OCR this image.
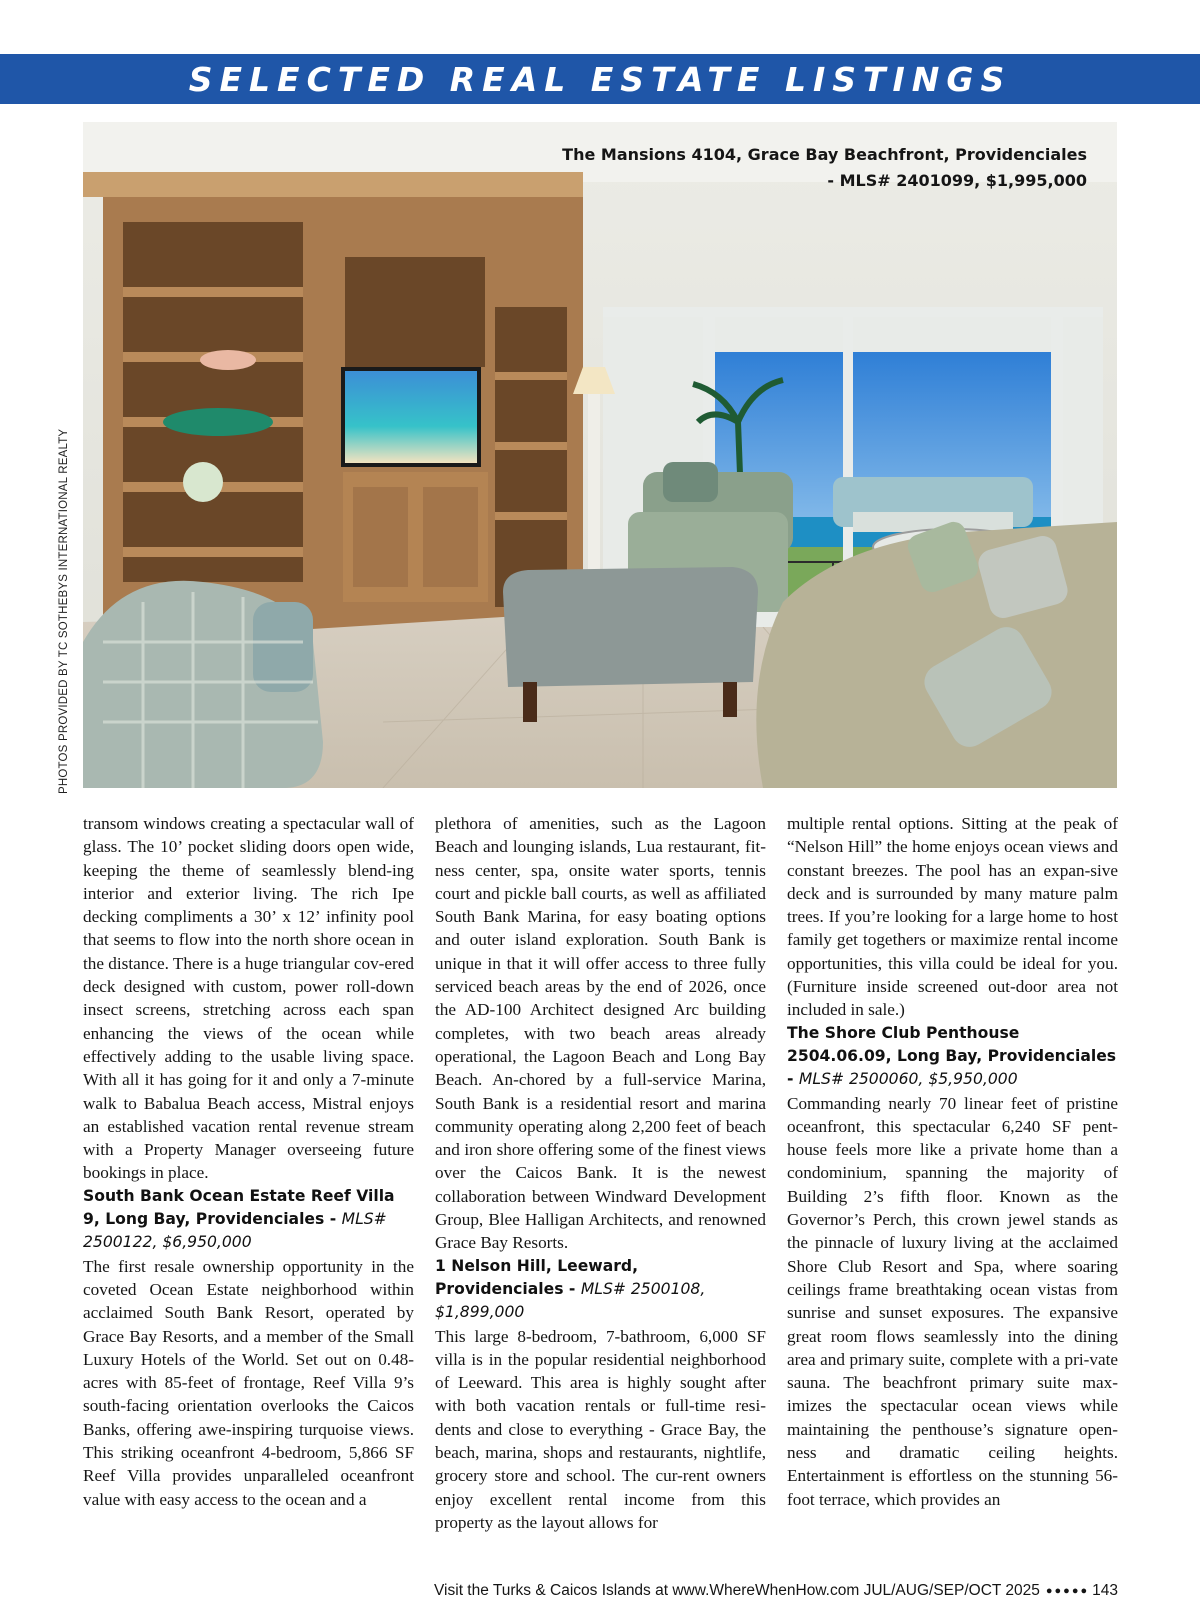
SELECTED REAL ESTATE LISTINGS
PHOTOS PROVIDED BY TC SOTHEBYS INTERNATIONAL REALTY
The Mansions 4104, Grace Bay Beachfront, Providenciales
- MLS# 2401099, $1,995,000

transom windows creating a spectacular wall of glass. The 10’ pocket sliding doors open wide, keeping the theme of seamlessly blend-ing interior and exterior living. The rich Ipe decking compliments a 30’ x 12’ infinity pool that seems to flow into the north shore ocean in the distance. There is a huge triangular cov-ered deck designed with custom, power roll-down insect screens, stretching across each span enhancing the views of the ocean while effectively adding to the usable living space. With all it has going for it and only a 7-minute walk to Babalua Beach access, Mistral enjoys an established vacation rental revenue stream with a Property Manager overseeing future bookings in place.

South Bank Ocean Estate Reef Villa 9, Long Bay, Providenciales - MLS# 2500122, $6,950,000

The first resale ownership opportunity in the coveted Ocean Estate neighborhood within acclaimed South Bank Resort, operated by Grace Bay Resorts, and a member of the Small Luxury Hotels of the World. Set out on 0.48-acres with 85-feet of frontage, Reef Villa 9’s south-facing orientation overlooks the Caicos Banks, offering awe-inspiring turquoise views. This striking oceanfront 4-bedroom, 5,866 SF Reef Villa provides unparalleled oceanfront value with easy access to the ocean and a

plethora of amenities, such as the Lagoon Beach and lounging islands, Lua restaurant, fit-ness center, spa, onsite water sports, tennis court and pickle ball courts, as well as affiliated South Bank Marina, for easy boating options and outer island exploration. South Bank is unique in that it will offer access to three fully serviced beach areas by the end of 2026, once the AD-100 Architect designed Arc building completes, with two beach areas already operational, the Lagoon Beach and Long Bay Beach. An-chored by a full-service Marina, South Bank is a residential resort and marina community operating along 2,200 feet of beach and iron shore offering some of the finest views over the Caicos Bank. It is the newest collaboration between Windward Development Group, Blee Halligan Architects, and renowned Grace Bay Resorts.

1 Nelson Hill, Leeward, Providenciales - MLS# 2500108, $1,899,000

This large 8-bedroom, 7-bathroom, 6,000 SF villa is in the popular residential neighborhood of Leeward. This area is highly sought after with both vacation rentals or full-time resi-dents and close to everything - Grace Bay, the beach, marina, shops and restaurants, nightlife, grocery store and school. The cur-rent owners enjoy excellent rental income from this property as the layout allows for

multiple rental options. Sitting at the peak of “Nelson Hill” the home enjoys ocean views and constant breezes. The pool has an expan-sive deck and is surrounded by many mature palm trees. If you’re looking for a large home to host family get togethers or maximize rental income opportunities, this villa could be ideal for you. (Furniture inside screened out-door area not included in sale.)

The Shore Club Penthouse 2504.06.09, Long Bay, Providenciales - MLS# 2500060, $5,950,000

Commanding nearly 70 linear feet of pristine oceanfront, this spectacular 6,240 SF pent-house feels more like a private home than a condominium, spanning the majority of Building 2’s fifth floor. Known as the Governor’s Perch, this crown jewel stands as the pinnacle of luxury living at the acclaimed Shore Club Resort and Spa, where soaring ceilings frame breathtaking ocean vistas from sunrise and sunset exposures. The expansive great room flows seamlessly into the dining area and primary suite, complete with a pri-vate sauna. The beachfront primary suite max-imizes the spectacular ocean views while maintaining the penthouse’s signature open-ness and dramatic ceiling heights. Entertainment is effortless on the stunning 56-foot terrace, which provides an

Visit the Turks & Caicos Islands at www.WhereWhenHow.com JUL/AUG/SEP/OCT 2025 ●●●●● 143
